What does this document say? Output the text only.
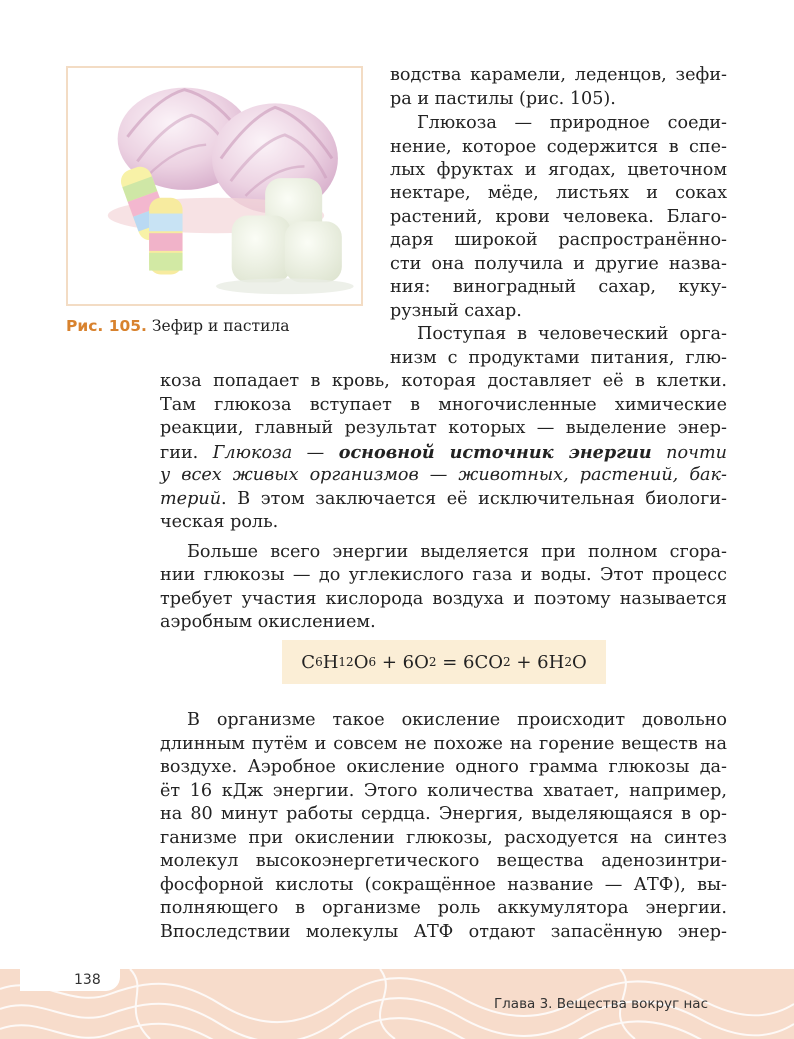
Рис. 105. Зефир и пастила
водства карамели, леденцов, зефи-
ра и пастилы (рис. 105).
Глюкоза — природное соеди-
нение, которое содержится в спе-
лых фруктах и ягодах, цветочном
нектаре, мёде, листьях и соках
растений, крови человека. Благо-
даря широкой распространённо-
сти она получила и другие назва-
ния: виноградный сахар, куку-
рузный сахар.
Поступая в человеческий орга-
низм с продуктами питания, глю-
коза попадает в кровь, которая доставляет её в клетки.
Там глюкоза вступает в многочисленные химические
реакции, главный результат которых — выделение энер-
гии. Глюкоза — основной источник энергии почти
у всех живых организмов — животных, растений, бак-
терий. В этом заключается её исключительная биологи-
ческая роль.
Больше всего энергии выделяется при полном сгора-
нии глюкозы — до углекислого газа и воды. Этот процесс
требует участия кислорода воздуха и поэтому называется
аэробным окислением.
C 6 H 12 O 6 + 6O 2 = 6CO 2 + 6H 2 O
В организме такое окисление происходит довольно
длинным путём и совсем не похоже на горение веществ на
воздухе. Аэробное окисление одного грамма глюкозы да-
ёт 16 кДж энергии. Этого количества хватает, например,
на 80 минут работы сердца. Энергия, выделяющаяся в ор-
ганизме при окислении глюкозы, расходуется на синтез
молекул высокоэнергетического вещества аденозинтри-
фосфорной кислоты (сокращённое название — АТФ), вы-
полняющего в организме роль аккумулятора энергии.
Впоследствии молекулы АТФ отдают запасённую энер-
138
Глава 3. Вещества вокруг нас
